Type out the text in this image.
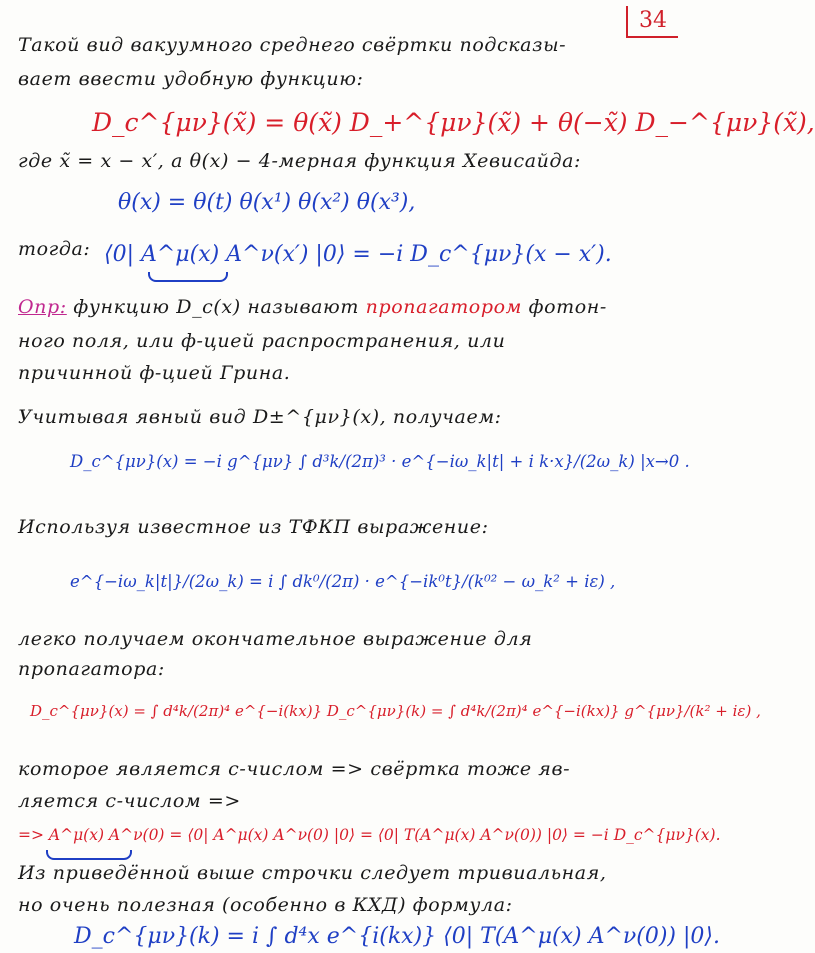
34
Такой вид вакуумного среднего свёртки подсказы-
вает ввести удобную функцию:
D_c^{μν}(x̃) = θ(x̃) D_+^{μν}(x̃) + θ(−x̃) D_−^{μν}(x̃),
где x̃ = x − x′, а θ(x) − 4-мерная функция Хевисайда:
θ(x) = θ(t) θ(x¹) θ(x²) θ(x³),
тогда: ⟨0| A^μ(x) A^ν(x′) |0⟩ = −i D_c^{μν}(x − x′).
Опр: функцию D_c(x) называют пропагатором фотон-
ного поля, или ф-цией распространения, или
причинной ф-цией Грина.
Учитывая явный вид D±^{μν}(x), получаем:
D_c^{μν}(x) = −i g^{μν} ∫ d³k/(2π)³ · e^{−iω_k|t| + i k·x}/(2ω_k) |x→0 .
Используя известное из ТФКП выражение:
e^{−iω_k|t|}/(2ω_k) = i ∫ dk⁰/(2π) · e^{−ik⁰t}/(k⁰² − ω_k² + iε) ,
легко получаем окончательное выражение для
пропагатора:
D_c^{μν}(x) = ∫ d⁴k/(2π)⁴ e^{−i(kx)} D_c^{μν}(k) = ∫ d⁴k/(2π)⁴ e^{−i(kx)} g^{μν}/(k² + iε) ,
которое является c-числом => свёртка тоже яв-
ляется c-числом =>
=> A^μ(x) A^ν(0) = ⟨0| A^μ(x) A^ν(0) |0⟩ = ⟨0| T(A^μ(x) A^ν(0)) |0⟩ = −i D_c^{μν}(x).
Из приведённой выше строчки следует тривиальная,
но очень полезная (особенно в КХД) формула:
D_c^{μν}(k) = i ∫ d⁴x e^{i(kx)} ⟨0| T(A^μ(x) A^ν(0)) |0⟩.
